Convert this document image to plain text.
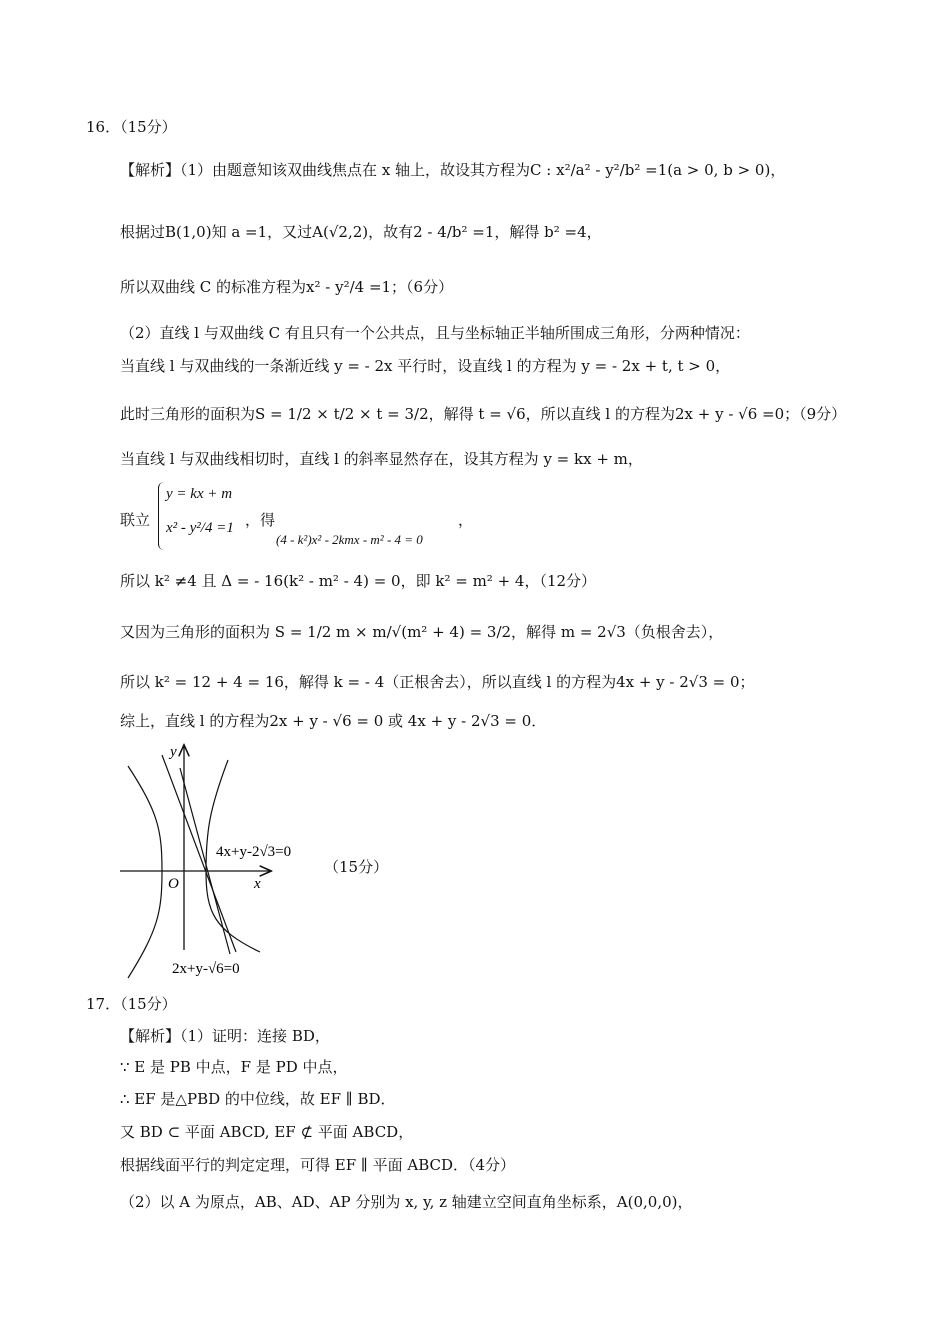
16．（15分）
【解析】（1）由题意知该双曲线焦点在 x 轴上，故设其方程为C : x²/a² - y²/b² =1(a > 0, b > 0)，
根据过B(1,0)知 a =1，又过A(√2,2)，故有2 - 4/b² =1，解得 b² =4，
所以双曲线 C 的标准方程为x² - y²/4 =1；（6分）
（2）直线 l 与双曲线 C 有且只有一个公共点，且与坐标轴正半轴所围成三角形，分两种情况：
当直线 l 与双曲线的一条渐近线 y = - 2x 平行时，设直线 l 的方程为 y = - 2x + t, t > 0，
此时三角形的面积为S = 1/2 × t/2 × t = 3/2，解得 t = √6，所以直线 l 的方程为2x + y - √6 =0；（9分）
当直线 l 与双曲线相切时，直线 l 的斜率显然存在，设其方程为 y = kx + m，
联立
y = kx + m
x² - y²/4 =1 ，得
(4 - k²)x² - 2kmx - m² - 4 = 0
，
所以 k² ≠4 且 Δ = - 16(k² - m² - 4) = 0，即 k² = m² + 4，（12分）
又因为三角形的面积为 S = 1/2 m × m/√(m² + 4) = 3/2，解得 m = 2√3（负根舍去），
所以 k² = 12 + 4 = 16，解得 k = - 4（正根舍去），所以直线 l 的方程为4x + y - 2√3 = 0；
综上，直线 l 的方程为2x + y - √6 = 0 或 4x + y - 2√3 = 0．
y
x
O
4x+y-2√3=0
2x+y-√6=0
（15分）
17．（15分）
【解析】（1）证明：连接 BD，
∵ E 是 PB 中点，F 是 PD 中点，
∴ EF 是△PBD 的中位线，故 EF ∥ BD．
又 BD ⊂ 平面 ABCD, EF ⊄ 平面 ABCD，
根据线面平行的判定定理，可得 EF ∥ 平面 ABCD．（4分）
（2）以 A 为原点，AB、AD、AP 分别为 x, y, z 轴建立空间直角坐标系，A(0,0,0)，
